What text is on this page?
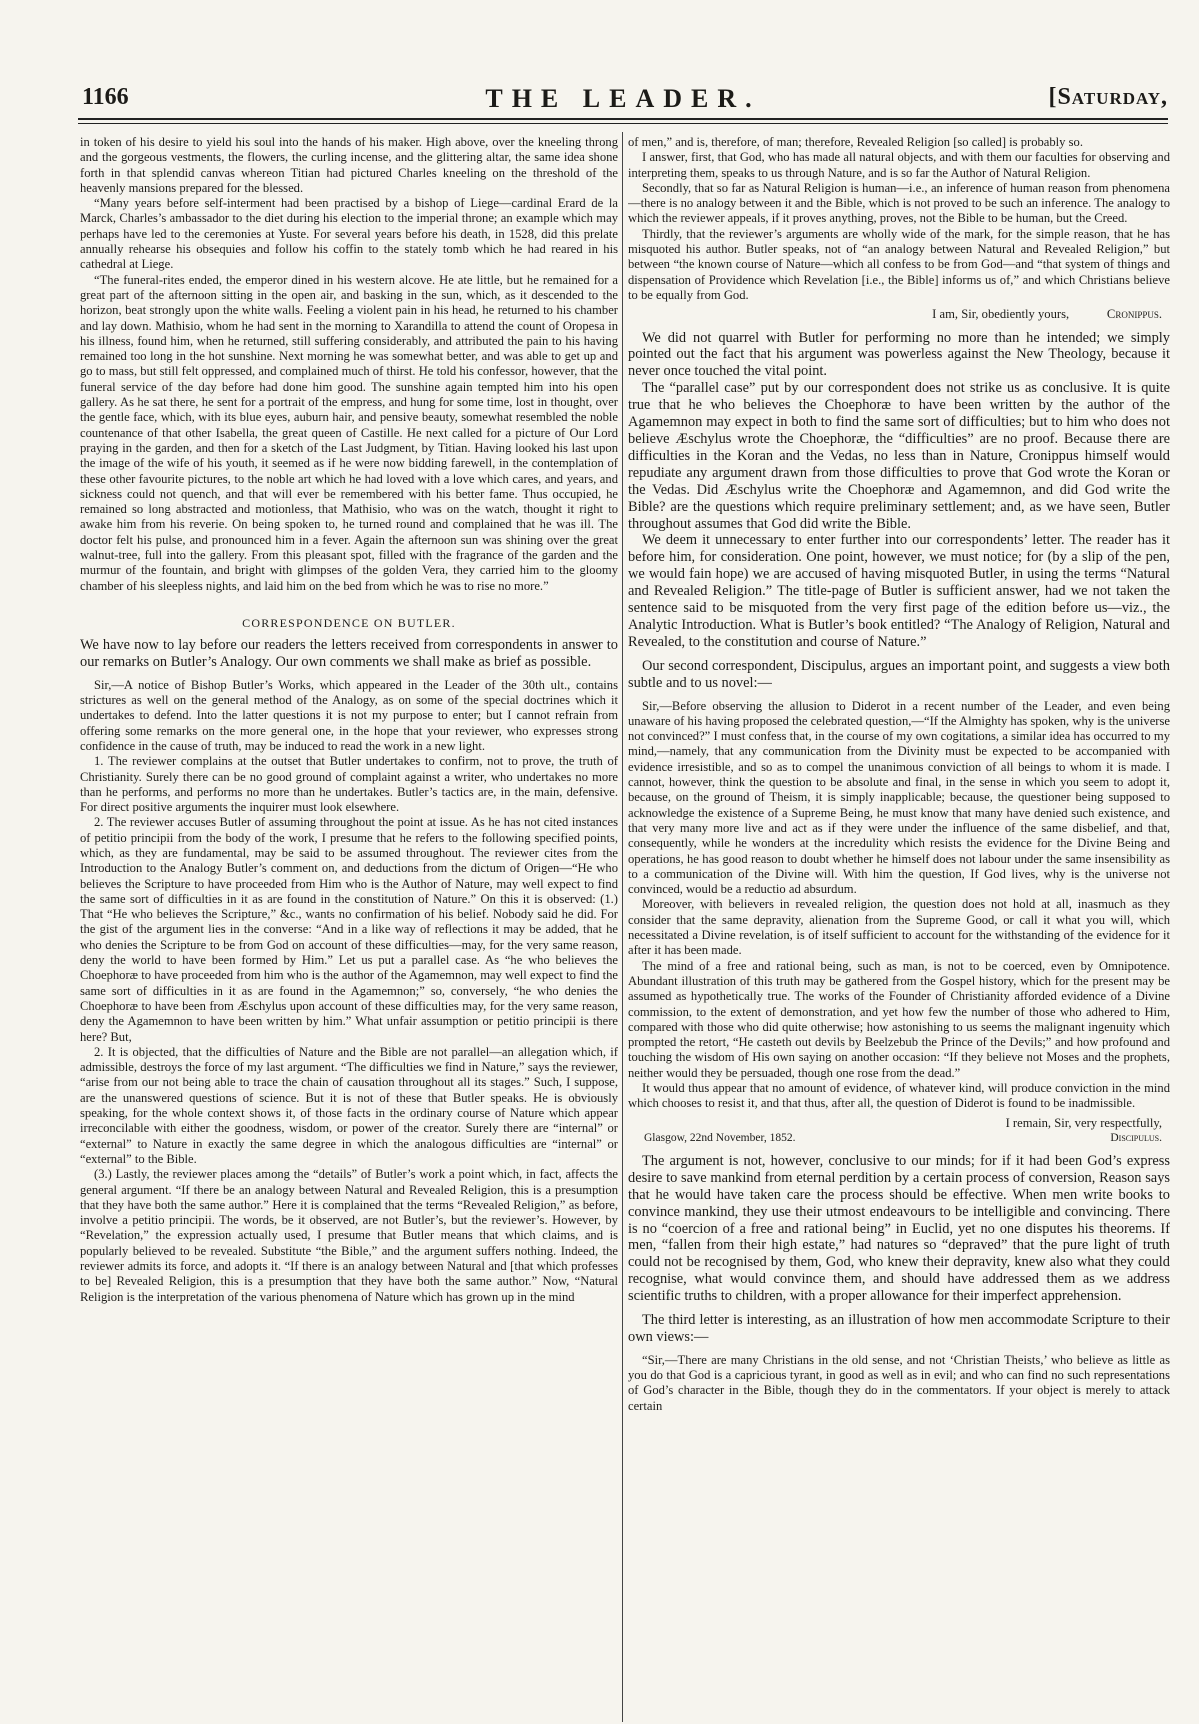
1166	THE LEADER.	[Saturday,

in token of his desire to yield his soul into the hands of his maker. High above, over the kneeling throng and the gorgeous vestments, the flowers, the curling incense, and the glittering altar, the same idea shone forth in that splendid canvas whereon Titian had pictured Charles kneeling on the threshold of the heavenly mansions prepared for the blessed.

“Many years before self-interment had been practised by a bishop of Liege—cardinal Erard de la Marck, Charles’s ambassador to the diet during his election to the imperial throne; an example which may perhaps have led to the ceremonies at Yuste. For several years before his death, in 1528, did this prelate annually rehearse his obsequies and follow his coffin to the stately tomb which he had reared in his cathedral at Liege.

“The funeral-rites ended, the emperor dined in his western alcove. He ate little, but he remained for a great part of the afternoon sitting in the open air, and basking in the sun, which, as it descended to the horizon, beat strongly upon the white walls. Feeling a violent pain in his head, he returned to his chamber and lay down. Mathisio, whom he had sent in the morning to Xarandilla to attend the count of Oropesa in his illness, found him, when he returned, still suffering considerably, and attributed the pain to his having remained too long in the hot sunshine. Next morning he was somewhat better, and was able to get up and go to mass, but still felt oppressed, and complained much of thirst. He told his confessor, however, that the funeral service of the day before had done him good. The sunshine again tempted him into his open gallery. As he sat there, he sent for a portrait of the empress, and hung for some time, lost in thought, over the gentle face, which, with its blue eyes, auburn hair, and pensive beauty, somewhat resembled the noble countenance of that other Isabella, the great queen of Castille. He next called for a picture of Our Lord praying in the garden, and then for a sketch of the Last Judgment, by Titian. Having looked his last upon the image of the wife of his youth, it seemed as if he were now bidding farewell, in the contemplation of these other favourite pictures, to the noble art which he had loved with a love which cares, and years, and sickness could not quench, and that will ever be remembered with his better fame. Thus occupied, he remained so long abstracted and motionless, that Mathisio, who was on the watch, thought it right to awake him from his reverie. On being spoken to, he turned round and complained that he was ill. The doctor felt his pulse, and pronounced him in a fever. Again the afternoon sun was shining over the great walnut-tree, full into the gallery. From this pleasant spot, filled with the fragrance of the garden and the murmur of the fountain, and bright with glimpses of the golden Vera, they carried him to the gloomy chamber of his sleepless nights, and laid him on the bed from which he was to rise no more.”

CORRESPONDENCE ON BUTLER.

We have now to lay before our readers the letters received from correspondents in answer to our remarks on Butler’s Analogy. Our own comments we shall make as brief as possible.

Sir,—A notice of Bishop Butler’s Works, which appeared in the Leader of the 30th ult., contains strictures as well on the general method of the Analogy, as on some of the special doctrines which it undertakes to defend. Into the latter questions it is not my purpose to enter; but I cannot refrain from offering some remarks on the more general one, in the hope that your reviewer, who expresses strong confidence in the cause of truth, may be induced to read the work in a new light.

1. The reviewer complains at the outset that Butler undertakes to confirm, not to prove, the truth of Christianity. Surely there can be no good ground of complaint against a writer, who undertakes no more than he performs, and performs no more than he undertakes. Butler’s tactics are, in the main, defensive. For direct positive arguments the inquirer must look elsewhere.

2. The reviewer accuses Butler of assuming throughout the point at issue. As he has not cited instances of petitio principii from the body of the work, I presume that he refers to the following specified points, which, as they are fundamental, may be said to be assumed throughout. The reviewer cites from the Introduction to the Analogy Butler’s comment on, and deductions from the dictum of Origen—“He who believes the Scripture to have proceeded from Him who is the Author of Nature, may well expect to find the same sort of difficulties in it as are found in the constitution of Nature.” On this it is observed: (1.) That “He who believes the Scripture,” &c., wants no confirmation of his belief. Nobody said he did. For the gist of the argument lies in the converse: “And in a like way of reflections it may be added, that he who denies the Scripture to be from God on account of these difficulties—may, for the very same reason, deny the world to have been formed by Him.” Let us put a parallel case. As “he who believes the Choephoræ to have proceeded from him who is the author of the Agamemnon, may well expect to find the same sort of difficulties in it as are found in the Agamemnon;” so, conversely, “he who denies the Choephoræ to have been from Æschylus upon account of these difficulties may, for the very same reason, deny the Agamemnon to have been written by him.” What unfair assumption or petitio principii is there here? But,

2. It is objected, that the difficulties of Nature and the Bible are not parallel—an allegation which, if admissible, destroys the force of my last argument. “The difficulties we find in Nature,” says the reviewer, “arise from our not being able to trace the chain of causation throughout all its stages.” Such, I suppose, are the unanswered questions of science. But it is not of these that Butler speaks. He is obviously speaking, for the whole context shows it, of those facts in the ordinary course of Nature which appear irreconcilable with either the goodness, wisdom, or power of the creator. Surely there are “internal” or “external” to Nature in exactly the same degree in which the analogous difficulties are “internal” or “external” to the Bible.

(3.) Lastly, the reviewer places among the “details” of Butler’s work a point which, in fact, affects the general argument. “If there be an analogy between Natural and Revealed Religion, this is a presumption that they have both the same author.” Here it is complained that the terms “Revealed Religion,” as before, involve a petitio principii. The words, be it observed, are not Butler’s, but the reviewer’s. However, by “Revelation,” the expression actually used, I presume that Butler means that which claims, and is popularly believed to be revealed. Substitute “the Bible,” and the argument suffers nothing. Indeed, the reviewer admits its force, and adopts it. “If there is an analogy between Natural and [that which professes to be] Revealed Religion, this is a presumption that they have both the same author.” Now, “Natural Religion is the interpretation of the various phenomena of Nature which has grown up in the mind

of men,” and is, therefore, of man; therefore, Revealed Religion [so called] is probably so.

I answer, first, that God, who has made all natural objects, and with them our faculties for observing and interpreting them, speaks to us through Nature, and is so far the Author of Natural Religion.

Secondly, that so far as Natural Religion is human—i.e., an inference of human reason from phenomena—there is no analogy between it and the Bible, which is not proved to be such an inference. The analogy to which the reviewer appeals, if it proves anything, proves, not the Bible to be human, but the Creed.

Thirdly, that the reviewer’s arguments are wholly wide of the mark, for the simple reason, that he has misquoted his author. Butler speaks, not of “an analogy between Natural and Revealed Religion,” but between “the known course of Nature—which all confess to be from God—and “that system of things and dispensation of Providence which Revelation [i.e., the Bible] informs us of,” and which Christians believe to be equally from God.

I am, Sir, obediently yours,	Cronippus.

We did not quarrel with Butler for performing no more than he intended; we simply pointed out the fact that his argument was powerless against the New Theology, because it never once touched the vital point.

The “parallel case” put by our correspondent does not strike us as conclusive. It is quite true that he who believes the Choephoræ to have been written by the author of the Agamemnon may expect in both to find the same sort of difficulties; but to him who does not believe Æschylus wrote the Choephoræ, the “difficulties” are no proof. Because there are difficulties in the Koran and the Vedas, no less than in Nature, Cronippus himself would repudiate any argument drawn from those difficulties to prove that God wrote the Koran or the Vedas. Did Æschylus write the Choephoræ and Agamemnon, and did God write the Bible? are the questions which require preliminary settlement; and, as we have seen, Butler throughout assumes that God did write the Bible.

We deem it unnecessary to enter further into our correspondents’ letter. The reader has it before him, for consideration. One point, however, we must notice; for (by a slip of the pen, we would fain hope) we are accused of having misquoted Butler, in using the terms “Natural and Revealed Religion.” The title-page of Butler is sufficient answer, had we not taken the sentence said to be misquoted from the very first page of the edition before us—viz., the Analytic Introduction. What is Butler’s book entitled? “The Analogy of Religion, Natural and Revealed, to the constitution and course of Nature.”

Our second correspondent, Discipulus, argues an important point, and suggests a view both subtle and to us novel:—

Sir,—Before observing the allusion to Diderot in a recent number of the Leader, and even being unaware of his having proposed the celebrated question,—“If the Almighty has spoken, why is the universe not convinced?” I must confess that, in the course of my own cogitations, a similar idea has occurred to my mind,—namely, that any communication from the Divinity must be expected to be accompanied with evidence irresistible, and so as to compel the unanimous conviction of all beings to whom it is made. I cannot, however, think the question to be absolute and final, in the sense in which you seem to adopt it, because, on the ground of Theism, it is simply inapplicable; because, the questioner being supposed to acknowledge the existence of a Supreme Being, he must know that many have denied such existence, and that very many more live and act as if they were under the influence of the same disbelief, and that, consequently, while he wonders at the incredulity which resists the evidence for the Divine Being and operations, he has good reason to doubt whether he himself does not labour under the same insensibility as to a communication of the Divine will. With him the question, If God lives, why is the universe not convinced, would be a reductio ad absurdum.

Moreover, with believers in revealed religion, the question does not hold at all, inasmuch as they consider that the same depravity, alienation from the Supreme Good, or call it what you will, which necessitated a Divine revelation, is of itself sufficient to account for the withstanding of the evidence for it after it has been made.

The mind of a free and rational being, such as man, is not to be coerced, even by Omnipotence. Abundant illustration of this truth may be gathered from the Gospel history, which for the present may be assumed as hypothetically true. The works of the Founder of Christianity afforded evidence of a Divine commission, to the extent of demonstration, and yet how few the number of those who adhered to Him, compared with those who did quite otherwise; how astonishing to us seems the malignant ingenuity which prompted the retort, “He casteth out devils by Beelzebub the Prince of the Devils;” and how profound and touching the wisdom of His own saying on another occasion: “If they believe not Moses and the prophets, neither would they be persuaded, though one rose from the dead.”

It would thus appear that no amount of evidence, of whatever kind, will produce conviction in the mind which chooses to resist it, and that thus, after all, the question of Diderot is found to be inadmissible.

I remain, Sir, very respectfully,
Glasgow, 22nd November, 1852.	Discipulus.

The argument is not, however, conclusive to our minds; for if it had been God’s express desire to save mankind from eternal perdition by a certain process of conversion, Reason says that he would have taken care the process should be effective. When men write books to convince mankind, they use their utmost endeavours to be intelligible and convincing. There is no “coercion of a free and rational being” in Euclid, yet no one disputes his theorems. If men, “fallen from their high estate,” had natures so “depraved” that the pure light of truth could not be recognised by them, God, who knew their depravity, knew also what they could recognise, what would convince them, and should have addressed them as we address scientific truths to children, with a proper allowance for their imperfect apprehension.

The third letter is interesting, as an illustration of how men accommodate Scripture to their own views:—

“Sir,—There are many Christians in the old sense, and not ‘Christian Theists,’ who believe as little as you do that God is a capricious tyrant, in good as well as in evil; and who can find no such representations of God’s character in the Bible, though they do in the commentators. If your object is merely to attack certain
